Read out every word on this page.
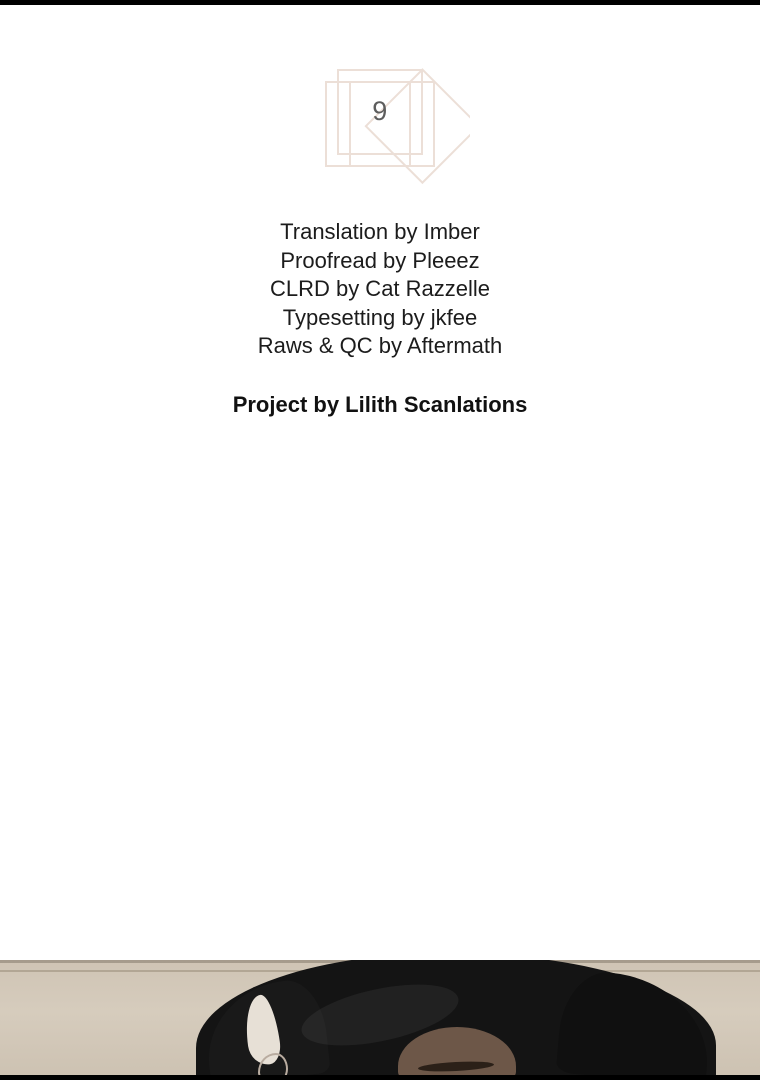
9
Translation by Imber
Proofread by Pleeez
CLRD by Cat Razzelle
Typesetting by jkfee
Raws & QC by Aftermath
Project by Lilith Scanlations
